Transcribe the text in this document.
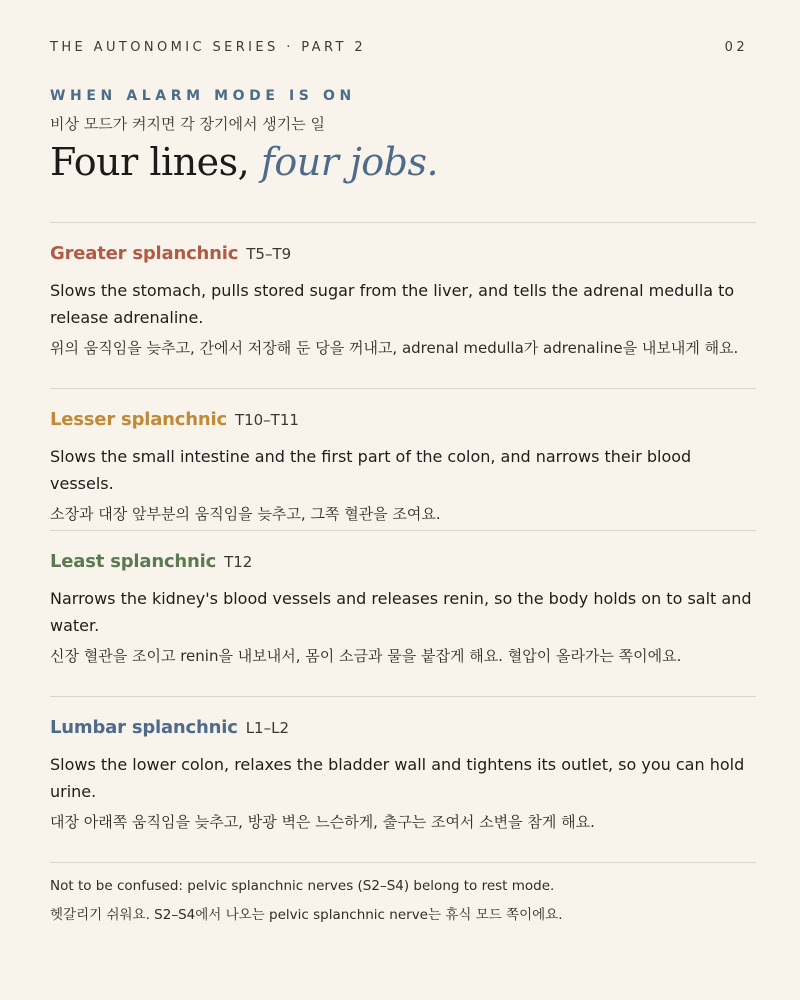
THE AUTONOMIC SERIES · PART 2	02
WHEN ALARM MODE IS ON
비상 모드가 켜지면 각 장기에서 생기는 일
Four lines, four jobs.
Greater splanchnic T5–T9
Slows the stomach, pulls stored sugar from the liver, and tells the adrenal medulla to release adrenaline.
위의 움직임을 늦추고, 간에서 저장해 둔 당을 꺼내고, adrenal medulla가 adrenaline을 내보내게 해요.
Lesser splanchnic T10–T11
Slows the small intestine and the first part of the colon, and narrows their blood vessels.
소장과 대장 앞부분의 움직임을 늦추고, 그쪽 혈관을 조여요.
Least splanchnic T12
Narrows the kidney's blood vessels and releases renin, so the body holds on to salt and water.
신장 혈관을 조이고 renin을 내보내서, 몸이 소금과 물을 붙잡게 해요. 혈압이 올라가는 쪽이에요.
Lumbar splanchnic L1–L2
Slows the lower colon, relaxes the bladder wall and tightens its outlet, so you can hold urine.
대장 아래쪽 움직임을 늦추고, 방광 벽은 느슨하게, 출구는 조여서 소변을 참게 해요.
Not to be confused: pelvic splanchnic nerves (S2–S4) belong to rest mode.
헷갈리기 쉬워요. S2–S4에서 나오는 pelvic splanchnic nerve는 휴식 모드 쪽이에요.
